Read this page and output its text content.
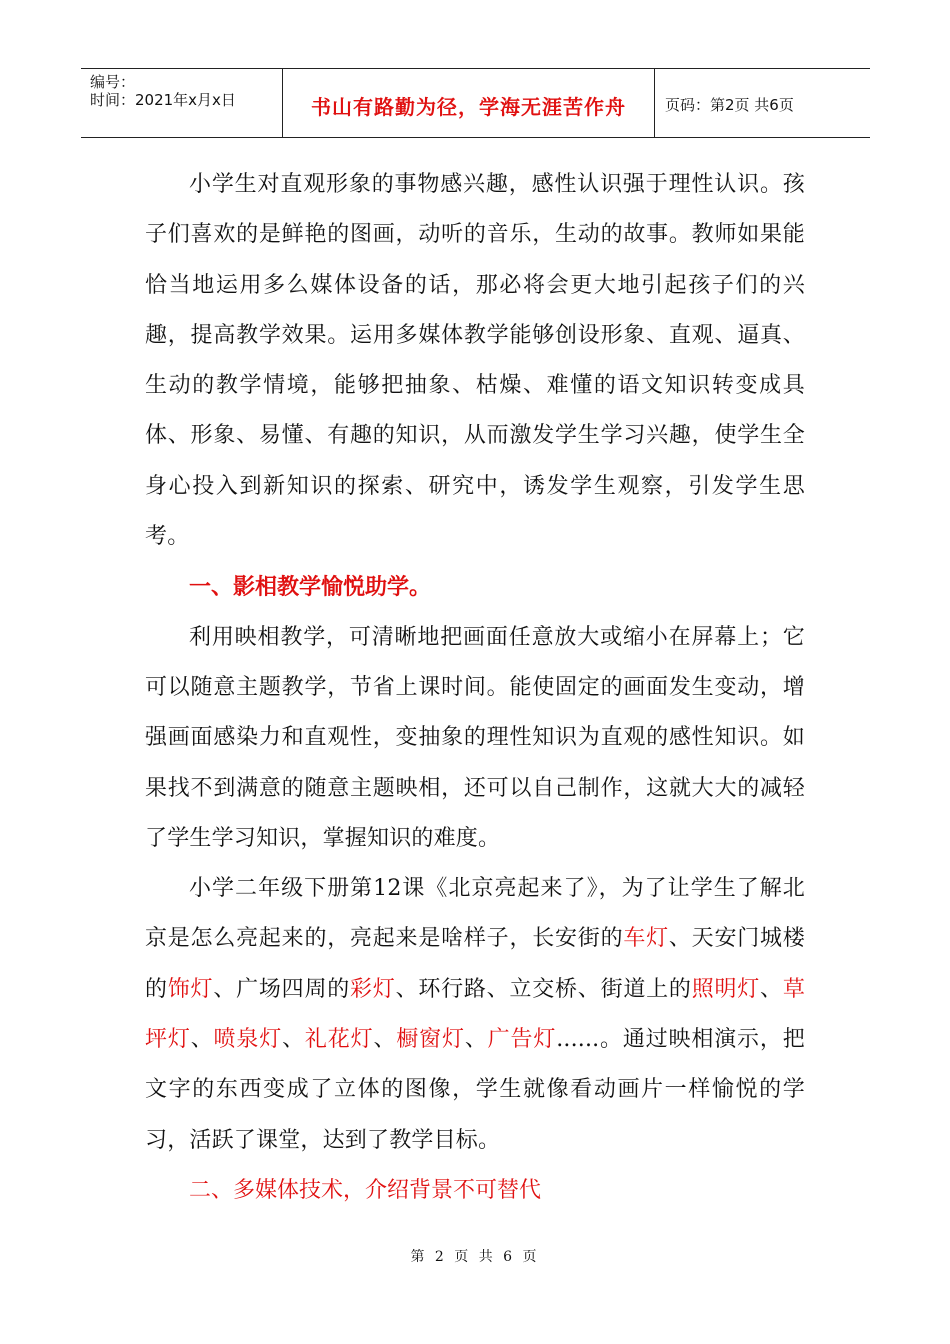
编号：
时间：2021年x月x日	书山有路勤为径，学海无涯苦作舟	页码：第2页 共6页

小学生对直观形象的事物感兴趣，感性认识强于理性认识。孩子们喜欢的是鲜艳的图画，动听的音乐，生动的故事。教师如果能恰当地运用多么媒体设备的话，那必将会更大地引起孩子们的兴趣，提高教学效果。运用多媒体教学能够创设形象、直观、逼真、生动的教学情境，能够把抽象、枯燥、难懂的语文知识转变成具体、形象、易懂、有趣的知识，从而激发学生学习兴趣，使学生全身心投入到新知识的探索、研究中，诱发学生观察，引发学生思考。

一、影相教学愉悦助学。

利用映相教学，可清晰地把画面任意放大或缩小在屏幕上；它可以随意主题教学，节省上课时间。能使固定的画面发生变动，增强画面感染力和直观性，变抽象的理性知识为直观的感性知识。如果找不到满意的随意主题映相，还可以自己制作，这就大大的减轻了学生学习知识，掌握知识的难度。

小学二年级下册第12课《北京亮起来了》，为了让学生了解北京是怎么亮起来的，亮起来是啥样子，长安街的车灯、天安门城楼的饰灯、广场四周的彩灯、环行路、立交桥、街道上的照明灯、草坪灯、喷泉灯、礼花灯、橱窗灯、广告灯......。通过映相演示，把文字的东西变成了立体的图像，学生就像看动画片一样愉悦的学习，活跃了课堂，达到了教学目标。

二、多媒体技术，介绍背景不可替代

第 2 页 共 6 页
